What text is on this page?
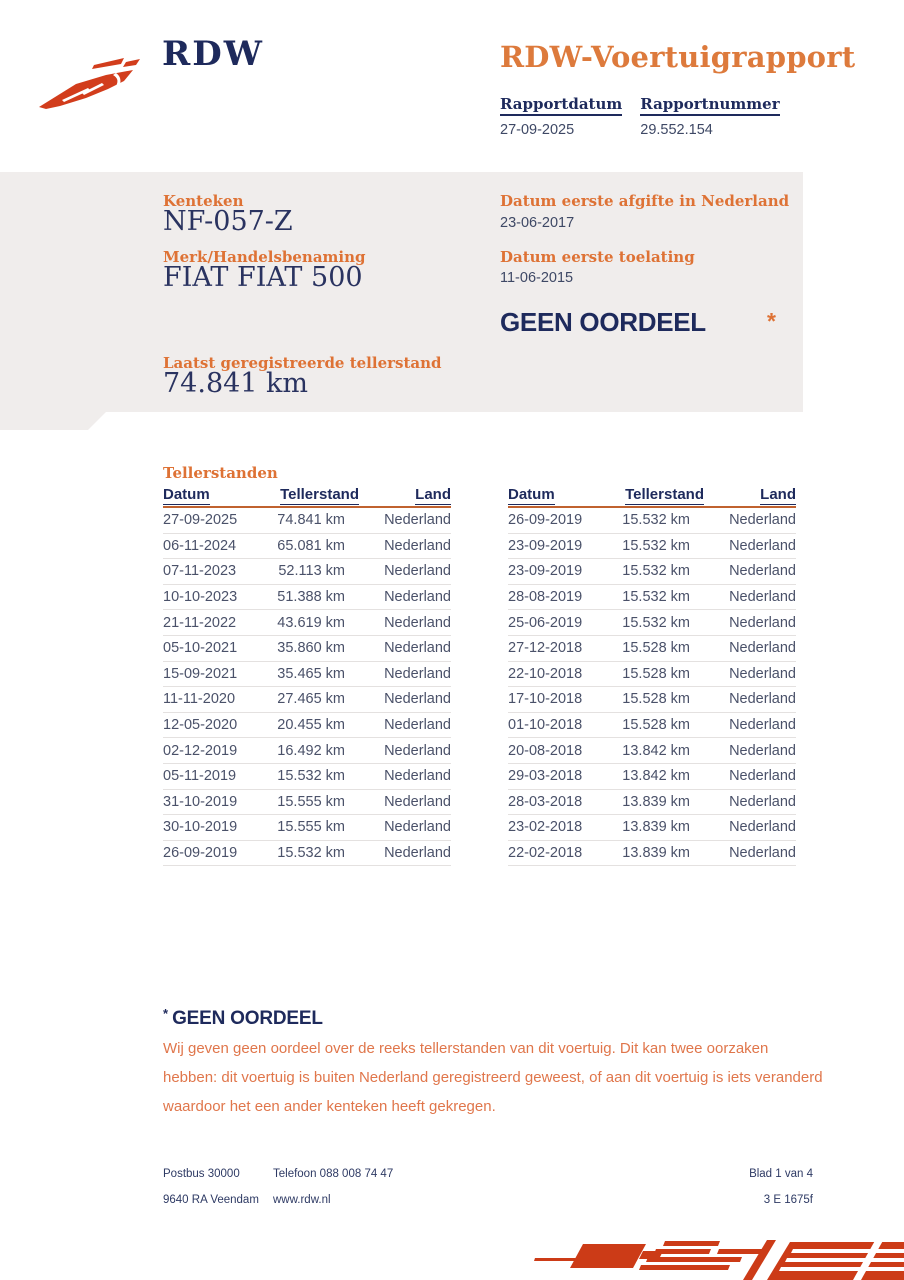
RDW	RDW-Voertuigrapport
Rapportdatum
27-09-2025
Rapportnummer
29.552.154
Kenteken
NF-057-Z
Merk/Handelsbenaming
FIAT FIAT 500
Laatst geregistreerde tellerstand
74.841 km
Datum eerste afgifte in Nederland
23-06-2017
Datum eerste toelating
11-06-2015
GEEN OORDEEL	*
Tellerstanden
Datum	Tellerstand	Land
27-09-2025	74.841 km	Nederland
06-11-2024	65.081 km	Nederland
07-11-2023	52.113 km	Nederland
10-10-2023	51.388 km	Nederland
21-11-2022	43.619 km	Nederland
05-10-2021	35.860 km	Nederland
15-09-2021	35.465 km	Nederland
11-11-2020	27.465 km	Nederland
12-05-2020	20.455 km	Nederland
02-12-2019	16.492 km	Nederland
05-11-2019	15.532 km	Nederland
31-10-2019	15.555 km	Nederland
30-10-2019	15.555 km	Nederland
26-09-2019	15.532 km	Nederland
Datum	Tellerstand	Land
26-09-2019	15.532 km	Nederland
23-09-2019	15.532 km	Nederland
23-09-2019	15.532 km	Nederland
28-08-2019	15.532 km	Nederland
25-06-2019	15.532 km	Nederland
27-12-2018	15.528 km	Nederland
22-10-2018	15.528 km	Nederland
17-10-2018	15.528 km	Nederland
01-10-2018	15.528 km	Nederland
20-08-2018	13.842 km	Nederland
29-03-2018	13.842 km	Nederland
28-03-2018	13.839 km	Nederland
23-02-2018	13.839 km	Nederland
22-02-2018	13.839 km	Nederland
* GEEN OORDEEL
Wij geven geen oordeel over de reeks tellerstanden van dit voertuig. Dit kan twee oorzaken hebben: dit voertuig is buiten Nederland geregistreerd geweest, of aan dit voertuig is iets veranderd waardoor het een ander kenteken heeft gekregen.
Postbus 30000
9640 RA Veendam
Telefoon 088 008 74 47
www.rdw.nl
Blad 1 van 4
3 E 1675f
